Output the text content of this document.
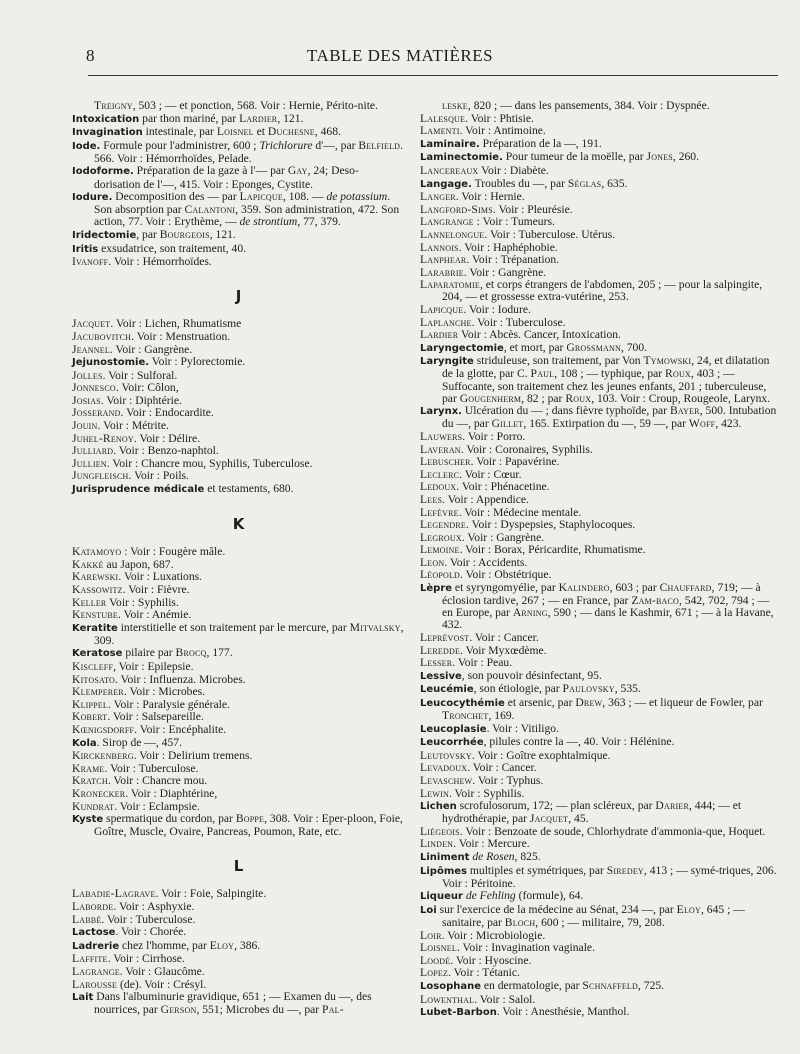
8	TABLE DES MATIÈRES
Treigny, 503 ; — et ponction, 568. Voir : Hernie, Périto-nite.
Intoxication par thon mariné, par Lardier, 121.
Invagination intestinale, par Loisnel et Duchesne, 468.
Iode. Formule pour l'administrer, 600 ; Trichlorure d'—, par Belfield. 566. Voir : Hémorrhoïdes, Pelade.
Iodoforme. Préparation de la gaze à l'— par Gay, 24; Deso-dorisation de l'—, 415. Voir : Eponges, Cystite.
Iodure. Decomposition des — par Lapicque, 108. — de potassium. Son absorption par Calantoni, 359. Son administration, 472. Son action, 77. Voir : Erythème, — de strontium, 77, 379.
Iridectomie, par Bourgeois, 121.
Iritis exsudatrice, son traitement, 40.
Ivanoff. Voir : Hémorrhoïdes.
J
Jacquet. Voir : Lichen, Rhumatisme
Jacubovitch. Voir : Menstruation.
Jeannel. Voir : Gangrène.
Jejunostomie. Voir : Pylorectomie.
Jolles. Voir : Sulforal.
Jonnesco. Voir: Côlon,
Josias. Voir : Diphtérie.
Josserand. Voir : Endocardite.
Jouin. Voir : Métrite.
Juhel-Renoy. Voir : Délire.
Julliard. Voir : Benzo-naphtol.
Jullien. Voir : Chancre mou, Syphilis, Tuberculose.
Jungfleisch. Voir : Poils.
Jurisprudence médicale et testaments, 680.
K
Katamoyo : Voir : Fougère mâle.
Kakké au Japon, 687.
Karewski. Voir : Luxations.
Kassowitz. Voir : Fièvre.
Keller Voir : Syphilis.
Kenstube. Voir : Anémie.
Keratite interstitielle et son traitement par le mercure, par Mitvalsky, 309.
Keratose pilaire par Brocq, 177.
Kiscleff, Voir : Epilepsie.
Kitosato. Voir : Influenza. Microbes.
Klemperer. Voir : Microbes.
Klippel. Voir : Paralysie générale.
Kobert. Voir : Salsepareille.
Kœnigsdorff. Voir : Encéphalite.
Kola. Sirop de —, 457.
Kirckenberg. Voir : Delirium tremens.
Krame. Voir : Tuberculose.
Kratch. Voir : Chancre mou.
Kronecker. Voir : Diaphtérine,
Kundrat. Voir : Eclampsie.
Kyste spermatique du cordon, par Boppe, 308. Voir : Eper-ploon, Foie, Goître, Muscle, Ovaire, Pancreas, Poumon, Rate, etc.
L
Labadie-Lagrave. Voir : Foie, Salpingite.
Laborde. Voir : Asphyxie.
Labbé. Voir : Tuberculose.
Lactose. Voir : Chorée.
Ladrerie chez l'homme, par Eloy, 386.
Laffite. Voir : Cirrhose.
Lagrange. Voir : Glaucôme.
Larousse (de). Voir : Crésyl.
Lait Dans l'albuminurie gravidique, 651 ; — Examen du —, des nourrices, par Gerson, 551; Microbes du —, par Pal-
leske, 820 ; — dans les pansements, 384. Voir : Dyspnée.
Lalesque. Voir : Phtisie.
Lamenti. Voir : Antimoine.
Laminaire. Préparation de la —, 191.
Laminectomie. Pour tumeur de la moëlle, par Jones, 260.
Lancereaux Voir : Diabète.
Langage. Troubles du —, par Séglas, 635.
Langer. Voir : Hernie.
Langford-Sims. Voir : Pleurésie.
Langrange : Voir : Tumeurs.
Lannelongue. Voir : Tuberculose. Utérus.
Lannois. Voir : Haphéphobie.
Lanphear. Voir : Trépanation.
Larabrie. Voir : Gangrène.
Laparatomie, et corps étrangers de l'abdomen, 205 ; — pour la salpingite, 204, — et grossesse extra-vutérine, 253.
Lapicque. Voir : Iodure.
Laplanche. Voir : Tuberculose.
Lardier Voir : Abcès. Cancer, Intoxication.
Laryngectomie, et mort, par Grossmann, 700.
Laryngite striduleuse, son traitement, par Von Tymowski, 24, et dilatation de la glotte, par C. Paul, 108 ; — typhique, par Roux, 403 ; — Suffocante, son traitement chez les jeunes enfants, 201 ; tuberculeuse, par Gougenherm, 82 ; par Roux, 103. Voir : Croup, Rougeole, Larynx.
Larynx. Ulcération du — ; dans fièvre typhoïde, par Bayer, 500. Intubation du —, par Gillet, 165. Extirpation du —, 59 —, par Woff, 423.
Lauwers. Voir : Porro.
Laveran. Voir : Coronaires, Syphilis.
Lebuscher. Voir : Papavérine.
Leclerc. Voir : Cœur.
Ledoux. Voir : Phénacetine.
Lees. Voir : Appendice.
Lefèvre. Voir : Médecine mentale.
Legendre. Voir : Dyspepsies, Staphylocoques.
Legroux. Voir : Gangrène.
Lemoine. Voir : Borax, Péricardite, Rhumatisme.
Leon. Voir : Accidents.
Léopold. Voir : Obstétrique.
Lèpre et syryngomyélie, par Kalindero, 603 ; par Chauffard, 719; — à éclosion tardive, 267 ; — en France, par Zam-baco, 542, 702, 794 ; — en Europe, par Arning, 590 ; — dans le Kashmir, 671 ; — à la Havane, 432.
Leprévost. Voir : Cancer.
Leredde. Voir Myxœdème.
Lesser. Voir : Peau.
Lessive, son pouvoir désinfectant, 95.
Leucémie, son étiologie, par Paulovsky, 535.
Leucocythémie et arsenic, par Drew, 363 ; — et liqueur de Fowler, par Tronchet, 169.
Leucoplasie. Voir : Vitiligo.
Leucorrhée, pilules contre la —, 40. Voir : Hélénine.
Leutovsky. Voir : Goître exophtalmique.
Levadoux. Voir : Cancer.
Levaschew. Voir : Typhus.
Lewin. Voir : Syphilis.
Lichen scrofulosorum, 172; — plan scléreux, par Darier, 444; — et hydrothérapie, par Jacquet, 45.
Liégeois. Voir : Benzoate de soude, Chlorhydrate d'ammonia-que, Hoquet.
Linden. Voir : Mercure.
Liniment de Rosen, 825.
Lipômes multiples et symétriques, par Siredey, 413 ; — symé-triques, 206. Voir : Péritoine.
Liqueur de Fehling (formule), 64.
Loi sur l'exercice de la médecine au Sénat, 234 —, par Eloy, 645 ; — sanitaire, par Bloch, 600 ; — militaire, 79, 208.
Loir. Voir : Microbiologie.
Loisnel. Voir : Invagination vaginale.
Loodé. Voir : Hyoscine.
Lopez. Voir : Tétanic.
Losophane en dermatologie, par Schnaffeld, 725.
Lowenthal. Voir : Salol.
Lubet-Barbon. Voir : Anesthésie, Manthol.
